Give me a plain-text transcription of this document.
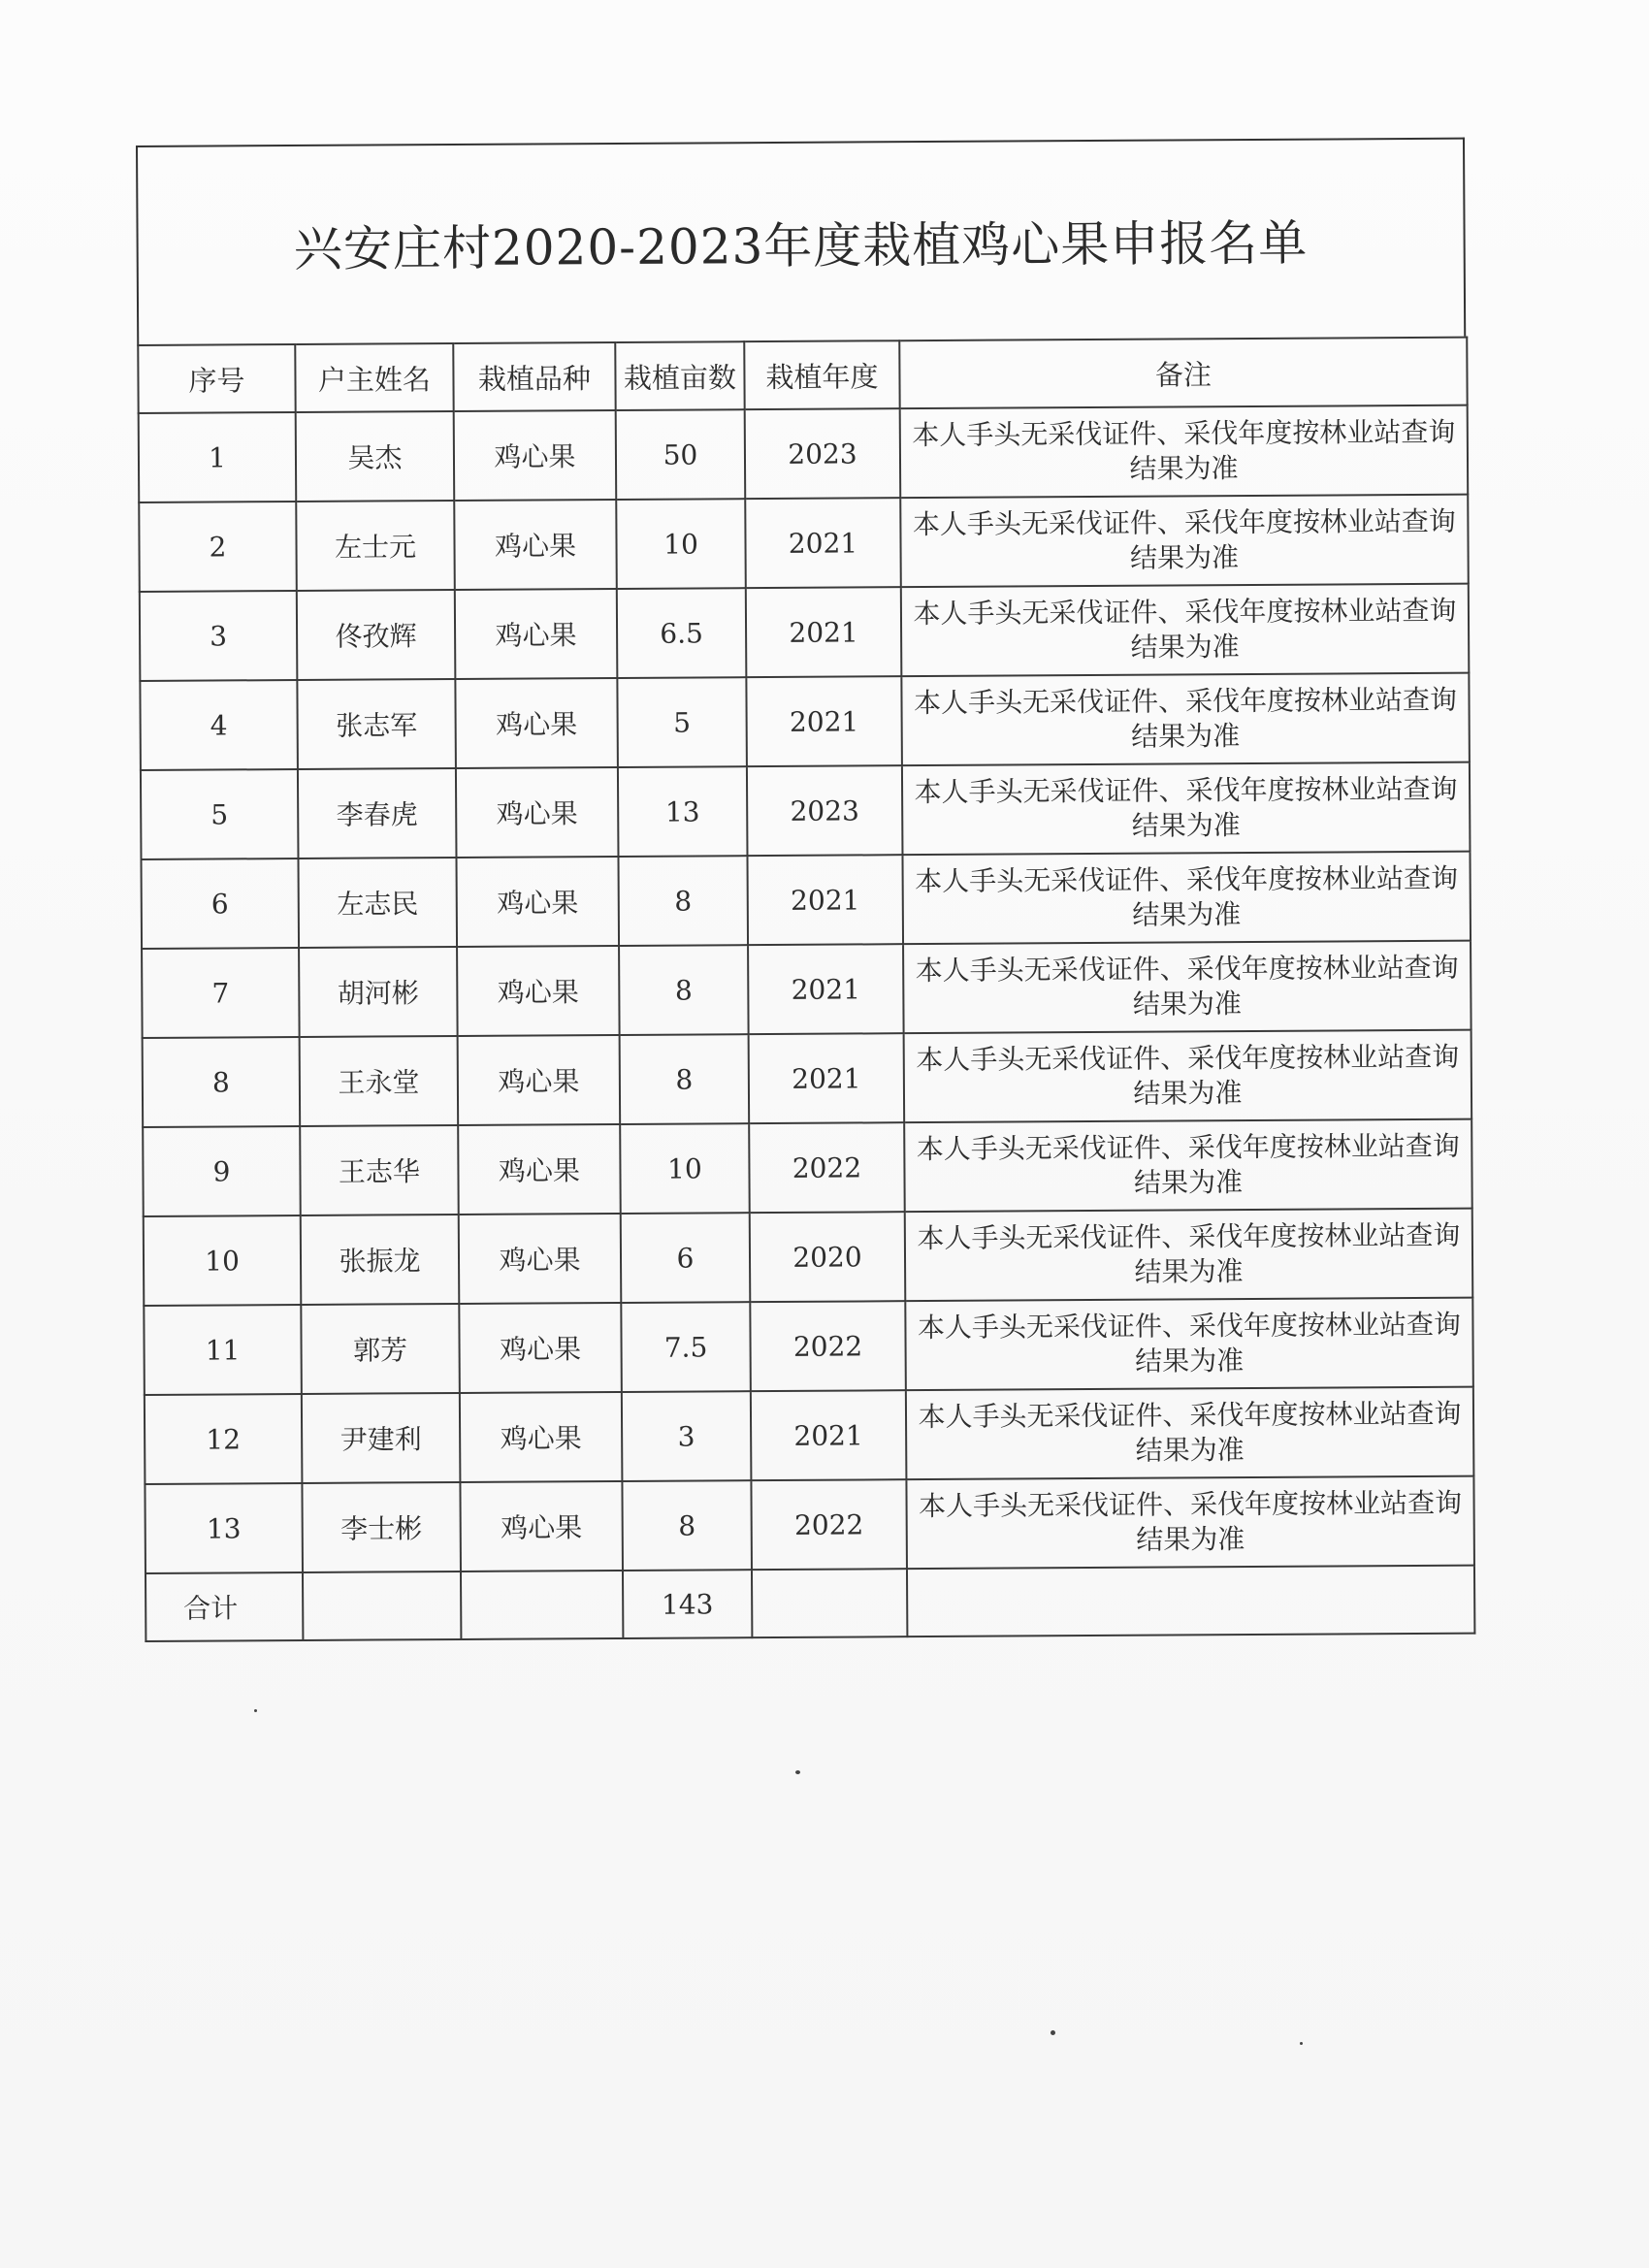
兴安庄村2020-2023年度栽植鸡心果申报名单
序号	户主姓名	栽植品种	栽植亩数	栽植年度	备注
1	吴杰	鸡心果	50	2023	本人手头无采伐证件、采伐年度按林业站查询结果为准
2	左士元	鸡心果	10	2021	本人手头无采伐证件、采伐年度按林业站查询结果为准
3	佟孜辉	鸡心果	6.5	2021	本人手头无采伐证件、采伐年度按林业站查询结果为准
4	张志军	鸡心果	5	2021	本人手头无采伐证件、采伐年度按林业站查询结果为准
5	李春虎	鸡心果	13	2023	本人手头无采伐证件、采伐年度按林业站查询结果为准
6	左志民	鸡心果	8	2021	本人手头无采伐证件、采伐年度按林业站查询结果为准
7	胡河彬	鸡心果	8	2021	本人手头无采伐证件、采伐年度按林业站查询结果为准
8	王永堂	鸡心果	8	2021	本人手头无采伐证件、采伐年度按林业站查询结果为准
9	王志华	鸡心果	10	2022	本人手头无采伐证件、采伐年度按林业站查询结果为准
10	张振龙	鸡心果	6	2020	本人手头无采伐证件、采伐年度按林业站查询结果为准
11	郭芳	鸡心果	7.5	2022	本人手头无采伐证件、采伐年度按林业站查询结果为准
12	尹建利	鸡心果	3	2021	本人手头无采伐证件、采伐年度按林业站查询结果为准
13	李士彬	鸡心果	8	2022	本人手头无采伐证件、采伐年度按林业站查询结果为准
合计			143		
